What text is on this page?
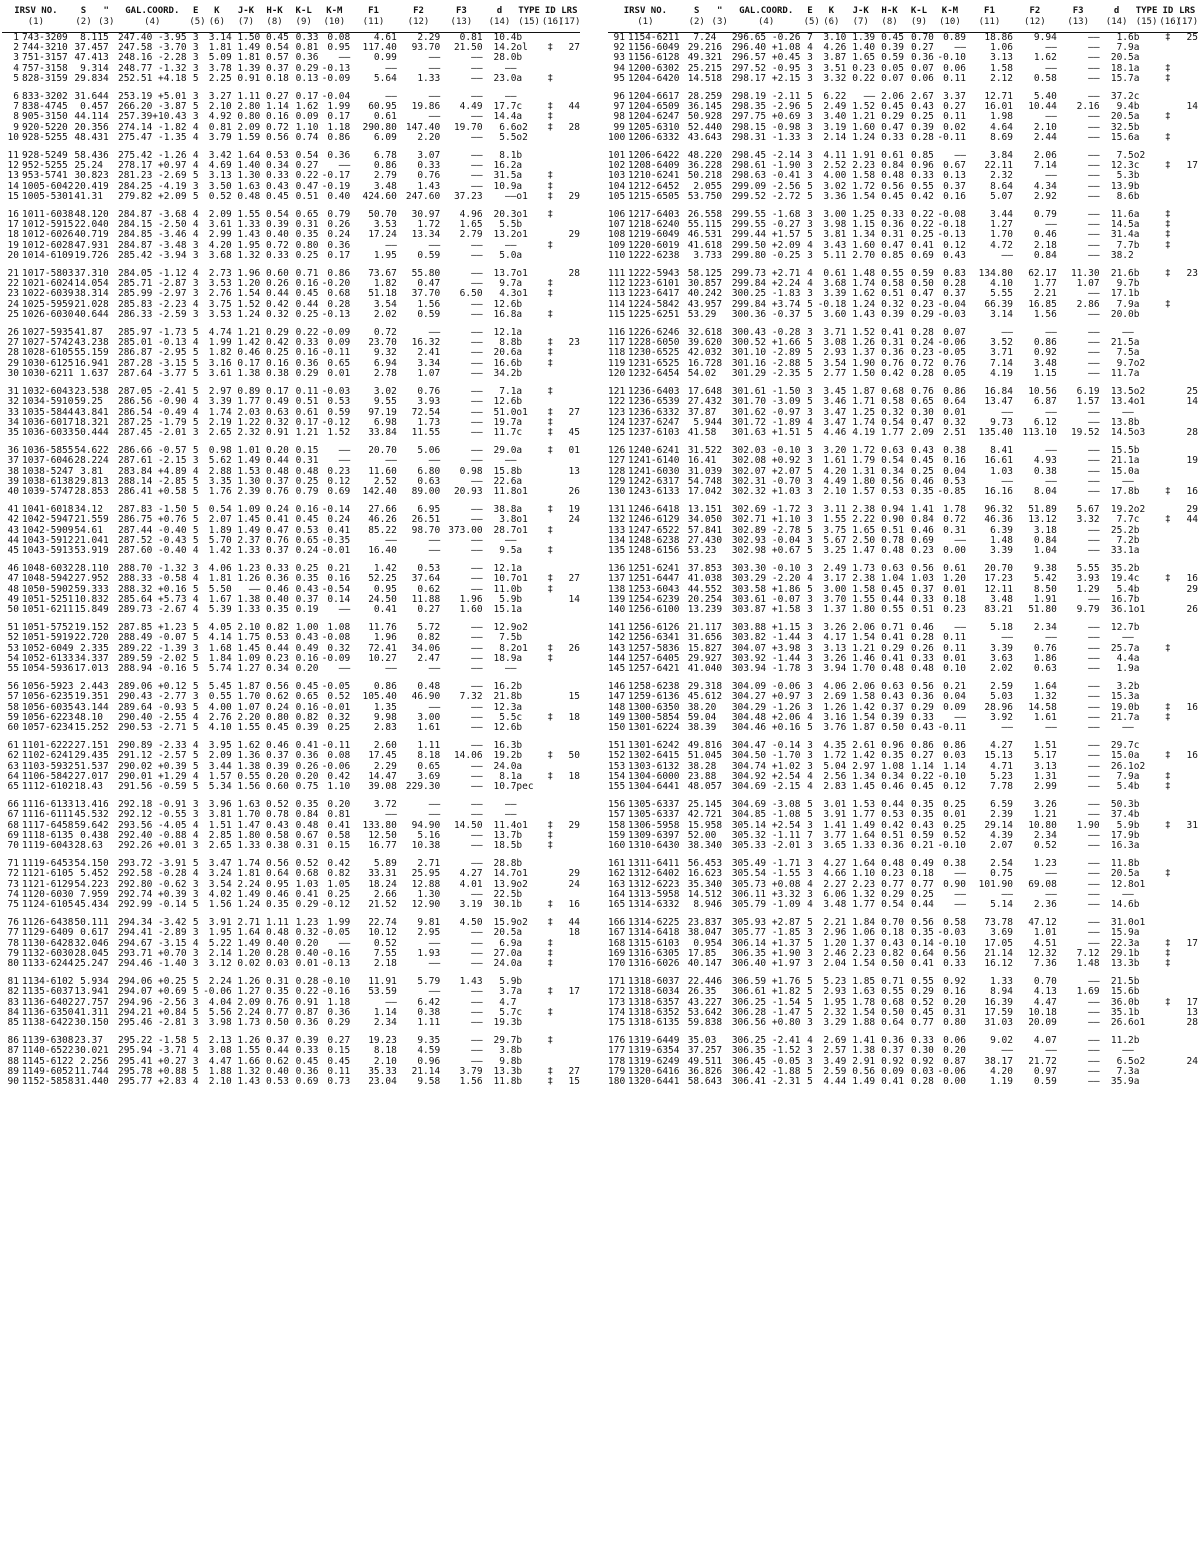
IRSV NO.	S	"	GAL.COORD.	E	K	J-K	H-K	K-L	K-M	F1	F2	F3	d	TYPE	ID	LRS
(1)	(2)	(3)	(4)	(5)	(6)	(7)	(8)	(9)	(10)	(11)	(12)	(13)	(14)	(15)	(16)	(17)
1 743-3209	8.1	15	247.40 -3.95	3	3.14	1.50	0.45	0.33	0.08	4.61	2.29	0.81	10.4	b		
2 744-3210	37.4	57	247.58 -3.70	3	1.81	1.49	0.54	0.81	0.95	117.40	93.70	21.50	14.2	ol	‡	27
3 751-3157	47.4	13	248.16 -2.28	3	5.09	1.81	0.57	0.36	——	0.99	——	——	28.0	b		
4 757-3158	9.3	14	248.77 -1.32	3	3.78	1.39	0.37	0.29	-0.13	——	——	——	——			
5 828-3159	29.8	34	252.51 +4.18	5	2.25	0.91	0.18	0.13	-0.09	5.64	1.33	——	23.0	a	‡	

6 833-3202	31.6	44	253.19 +5.01	3	3.27	1.11	0.27	0.17	-0.04	——	——	——	——			
7 838-4745	0.4	57	266.20 -3.87	5	2.10	2.80	1.14	1.62	1.99	60.95	19.86	4.49	17.7	c	‡	44
8 905-3150	44.1	14	257.39+10.43	3	4.92	0.80	0.16	0.09	0.17	0.61	——	——	14.4	a	‡	
9 920-5220	20.3	56	274.14 -1.82	4	0.81	2.09	0.72	1.10	1.18	290.80	147.40	19.70	6.6	o2	‡	28
10 928-5255	48.4	31	275.47 -1.35	4	3.79	1.59	0.56	0.74	0.86	6.09	2.20	——	5.5	o2		

11 928-5249	58.4	36	275.42 -1.26	4	3.42	1.64	0.53	0.54	0.36	6.78	3.07	——	8.1	b		
12 952-5255	25.2	4	278.17 +0.97	4	4.69	1.40	0.34	0.27	——	0.86	0.33	——	16.2	a		
13 953-5741	30.8	23	281.23 -2.69	5	3.13	1.30	0.33	0.22	-0.17	2.79	0.76	——	31.5	a	‡	
14 1005-6042	20.4	19	284.25 -4.19	3	3.50	1.63	0.43	0.47	-0.19	3.48	1.43	——	10.9	a	‡	
15 1005-5301	41.3	1	279.82 +2.09	5	0.52	0.48	0.45	0.51	0.40	424.60	247.60	37.23	——	o1	‡	29

16 1011-6038	48.1	20	284.87 -3.68	4	2.09	1.55	0.54	0.65	0.79	50.70	30.97	4.96	20.3	o1	‡	
17 1012-5915	22.0	40	284.15 -2.50	4	3.61	1.33	0.39	0.31	0.26	3.53	1.72	1.65	5.5	b		
18 1012-6026	40.7	19	284.85 -3.46	4	2.99	1.43	0.40	0.35	0.24	17.24	13.34	2.79	13.2	o1		29
19 1012-6028	47.9	31	284.87 -3.48	3	4.20	1.95	0.72	0.80	0.36	——	——	——	——		‡	
20 1014-6109	19.7	26	285.42 -3.94	3	3.68	1.32	0.33	0.25	0.17	1.95	0.59	——	5.0	a		

21 1017-5803	37.3	10	284.05 -1.12	4	2.73	1.96	0.60	0.71	0.86	73.67	55.80	——	13.7	o1		28
22 1021-6024	14.0	54	285.71 -2.87	3	3.53	1.20	0.26	0.16	-0.20	1.82	0.47	——	9.7	a	‡	
23 1022-6039	38.3	14	285.99 -2.97	3	2.76	1.54	0.44	0.45	0.68	51.18	37.70	6.50	4.3	o1	‡	
24 1025-5959	21.0	28	285.83 -2.23	4	3.75	1.52	0.42	0.44	0.28	3.54	1.56	——	12.6	b		
25 1026-6030	40.6	44	286.33 -2.59	3	3.53	1.24	0.32	0.25	-0.13	2.02	0.59	——	16.8	a	‡	

26 1027-5935	41.8	7	285.97 -1.73	5	4.74	1.21	0.29	0.22	-0.09	0.72	——	——	12.1	a		
27 1027-5742	43.2	38	285.01 -0.13	4	1.99	1.42	0.42	0.33	0.09	23.70	16.32	——	8.8	b	‡	23
28 1028-6105	55.1	59	286.87 -2.95	5	1.82	0.46	0.25	0.16	-0.11	9.32	2.41	——	20.6	a	‡	
29 1030-6125	16.9	41	287.28 -3.15	5	3.16	0.17	0.16	0.36	0.65	6.94	3.34	——	16.6	b	‡	
30 1030-6211	1.6	37	287.64 -3.77	5	3.61	1.38	0.38	0.29	0.01	2.78	1.07	——	34.2	b		

31 1032-6043	23.5	38	287.05 -2.41	5	2.97	0.89	0.17	0.11	-0.03	3.02	0.76	——	7.1	a	‡	
32 1034-5910	59.2	5	286.56 -0.90	4	3.39	1.77	0.49	0.51	0.53	9.55	3.93	——	12.6	b		
33 1035-5844	43.8	41	286.54 -0.49	4	1.74	2.03	0.63	0.61	0.59	97.19	72.54	——	51.0	o1	‡	27
34 1036-6017	18.3	21	287.25 -1.79	5	2.19	1.22	0.32	0.17	-0.12	6.98	1.73	——	19.7	a	‡	
35 1036-6033	50.4	44	287.45 -2.01	3	2.65	2.32	0.91	1.21	1.52	33.84	11.55	——	11.7	c	‡	45

36 1036-5855	54.6	22	286.66 -0.57	5	0.98	1.01	0.20	0.15	——	20.70	5.06	——	29.0	a	‡	01
37 1037-6046	28.2	24	287.61 -2.15	3	5.62	1.49	0.44	0.31	——	——	——	——	——			
38 1038-5247	3.8	1	283.84 +4.89	4	2.88	1.53	0.48	0.48	0.23	11.60	6.80	0.98	15.8	b		13
39 1038-6138	29.8	13	288.14 -2.85	5	3.35	1.30	0.37	0.25	0.12	2.52	0.63	——	22.6	a		
40 1039-5747	28.8	53	286.41 +0.58	5	1.76	2.39	0.76	0.79	0.69	142.40	89.00	20.93	11.8	o1		26

41 1041-6018	34.1	2	287.83 -1.50	5	0.54	1.09	0.24	0.16	-0.14	27.66	6.95	——	38.8	a	‡	19
42 1042-5947	21.5	59	286.75 +0.76	5	2.07	1.45	0.41	0.45	0.24	46.26	26.51	——	3.8	o1		24
43 1042-5909	54.6	1	287.44 -0.40	5	1.89	1.49	0.47	0.53	0.41	85.22	98.70	373.00	28.7	o1	‡	
44 1043-5912	21.0	41	287.52 -0.43	5	5.70	2.37	0.76	0.65	-0.35	——	——	——	——			
45 1043-5913	53.9	19	287.60 -0.40	4	1.42	1.33	0.37	0.24	-0.01	16.40	——	——	9.5	a	‡	

46 1048-6032	28.1	10	288.70 -1.32	3	4.06	1.23	0.33	0.25	0.21	1.42	0.53	——	12.1	a		
47 1048-5942	27.9	52	288.33 -0.58	4	1.81	1.26	0.36	0.35	0.16	52.25	37.64	——	10.7	o1	‡	27
48 1050-5902	59.3	33	288.32 +0.16	5	5.50	——	0.46	0.43	-0.54	0.95	0.62	——	11.0	b	‡	
49 1051-5251	10.8	32	285.64 +5.73	4	1.67	1.38	0.40	0.37	0.14	24.50	11.88	1.96	5.9	b		14
50 1051-6211	15.8	49	289.73 -2.67	4	5.39	1.33	0.35	0.19	——	0.41	0.27	1.60	15.1	a		

51 1051-5752	19.1	52	287.85 +1.23	5	4.05	2.10	0.82	1.00	1.08	11.76	5.72	——	12.9	o2		
52 1051-5919	22.7	20	288.49 -0.07	5	4.14	1.75	0.53	0.43	-0.08	1.96	0.82	——	7.5	b		
53 1052-6049	2.3	35	289.22 -1.39	3	1.68	1.45	0.44	0.49	0.32	72.41	34.06	——	8.2	o1	‡	26
54 1052-6133	34.3	37	289.59 -2.02	5	1.84	1.09	0.23	0.16	-0.09	10.27	2.47	——	18.9	a	‡	
55 1054-5936	17.0	13	288.94 -0.16	5	5.74	1.27	0.34	0.20	——	——	——	——	——			

56 1056-5923	2.4	43	289.06 +0.12	5	5.45	1.87	0.56	0.45	-0.05	0.86	0.48	——	16.2	b		
57 1056-6235	19.3	51	290.43 -2.77	3	0.55	1.70	0.62	0.65	0.52	105.40	46.90	7.32	21.8	b		15
58 1056-6035	43.1	44	289.64 -0.93	5	4.00	1.07	0.24	0.16	-0.01	1.35	——	——	12.3	a		
59 1056-6223	48.1	0	290.40 -2.55	4	2.76	2.20	0.80	0.82	0.32	9.98	3.00	——	5.5	c	‡	18
60 1057-6234	15.2	52	290.53 -2.71	5	4.10	1.55	0.45	0.39	0.25	2.83	1.61	——	12.6	b		

61 1101-6222	27.1	51	290.89 -2.33	4	3.95	1.62	0.46	0.41	-0.11	2.60	1.11	——	16.3	b		
62 1102-6241	29.4	35	291.12 -2.57	5	2.09	1.36	0.37	0.36	0.08	17.45	8.18	14.06	19.2	b	‡	50
63 1103-5932	51.5	37	290.02 +0.39	5	3.44	1.38	0.39	0.26	-0.06	2.29	0.65	——	24.0	a		
64 1106-5842	27.0	17	290.01 +1.29	4	1.57	0.55	0.20	0.20	0.42	14.47	3.69	——	8.1	a	‡	18
65 1112-6102	18.4	3	291.56 -0.59	5	5.34	1.56	0.60	0.75	1.10	39.08	229.30	——	10.7	pec		

66 1116-6133	13.4	16	292.18 -0.91	3	3.96	1.63	0.52	0.35	0.20	3.72	——	——	——			
67 1116-6111	45.5	32	292.12 -0.55	3	3.81	1.70	0.78	0.84	0.81	——	——	——	——			
68 1117-6458	59.6	42	293.56 -4.05	4	1.51	1.47	0.43	0.48	0.41	133.80	94.90	14.50	11.4	o1	‡	29
69 1118-6135	0.4	38	292.40 -0.88	4	2.85	1.80	0.58	0.67	0.58	12.50	5.16	——	13.7	b	‡	
70 1119-6043	28.6	3	292.26 +0.01	3	2.65	1.33	0.38	0.31	0.15	16.77	10.38	——	18.5	b	‡	

71 1119-6453	54.1	50	293.72 -3.91	5	3.47	1.74	0.56	0.52	0.42	5.89	2.71	——	28.8	b		
72 1121-6105	5.4	52	292.58 -0.28	4	3.24	1.81	0.64	0.68	0.82	33.31	25.95	4.27	14.7	o1		29
73 1121-6129	54.2	23	292.80 -0.62	3	3.54	2.24	0.95	1.03	1.05	18.24	12.88	4.01	13.9	o2		24
74 1120-6030	7.9	59	292.74 +0.39	3	4.02	1.49	0.46	0.41	0.25	2.66	1.30	——	22.5	b		
75 1124-6105	45.4	34	292.99 -0.14	5	1.56	1.24	0.35	0.29	-0.12	21.52	12.90	3.19	30.1	b	‡	16

76 1126-6438	50.1	11	294.34 -3.42	5	3.91	2.71	1.11	1.23	1.99	22.74	9.81	4.50	15.9	o2	‡	44
77 1129-6409	0.6	17	294.41 -2.89	3	1.95	1.64	0.48	0.32	-0.05	10.12	2.95	——	20.5	a		18
78 1130-6428	32.0	46	294.67 -3.15	4	5.22	1.49	0.40	0.20	——	0.52	——	——	6.9	a	‡	
79 1132-6030	28.0	45	293.71 +0.70	3	2.14	1.20	0.28	0.40	-0.16	7.55	1.93	——	27.0	a	‡	
80 1133-6244	25.2	47	294.46 -1.40	3	3.12	0.02	0.03	0.01	-0.13	2.18	——	——	24.0	a	‡	

81 1134-6102	5.9	34	294.06 +0.25	5	2.24	1.26	0.31	0.28	-0.10	11.91	5.79	1.43	5.9	b		
82 1135-6037	13.9	41	294.07 +0.69	5	-0.06	1.27	0.35	0.22	-0.16	53.59	——	——	3.7	a	‡	17
83 1136-6402	27.7	57	294.96 -2.56	3	4.04	2.09	0.76	0.91	1.18	——	6.42	——	4.7			
84 1136-6350	41.3	11	294.21 +0.84	5	5.56	2.24	0.77	0.87	0.36	1.14	0.38	——	5.7	c	‡	
85 1138-6422	30.1	50	295.46 -2.81	3	3.98	1.73	0.50	0.36	0.29	2.34	1.11	——	19.3	b		

86 1139-6308	23.3	7	295.22 -1.58	5	2.13	1.26	0.37	0.39	0.27	19.23	9.35	——	29.7	b	‡	
87 1140-6522	30.0	21	295.94 -3.71	4	3.08	1.55	0.44	0.33	0.15	8.18	4.59	——	3.8	b		
88 1145-6122	2.2	56	295.41 +0.27	3	4.47	1.66	0.62	0.45	0.45	2.10	0.96	——	9.8	b		
89 1149-6052	11.7	44	295.78 +0.88	5	1.88	1.32	0.40	0.36	0.11	35.33	21.14	3.79	13.3	b	‡	27
90 1152-5858	31.4	40	295.77 +2.83	4	2.10	1.43	0.53	0.69	0.73	23.04	9.58	1.56	11.8	b	‡	15
IRSV NO.	S	"	GAL.COORD.	E	K	J-K	H-K	K-L	K-M	F1	F2	F3	d	TYPE	ID	LRS
(1)	(2)	(3)	(4)	(5)	(6)	(7)	(8)	(9)	(10)	(11)	(12)	(13)	(14)	(15)	(16)	(17)
91 1154-6211	7.2	4	296.65 -0.26	7	3.10	1.39	0.45	0.70	0.89	18.86	9.94	——	1.6	b	‡	25
92 1156-6049	29.2	16	296.40 +1.08	4	4.26	1.40	0.39	0.27	——	1.06	——	——	7.9	a		
93 1156-6128	49.3	21	296.57 +0.45	3	3.87	1.65	0.59	0.36	-0.10	3.13	1.62	——	20.5	a		
94 1200-6302	25.2	15	297.52 -0.95	3	3.51	0.23	0.05	0.07	0.06	1.58	——	——	18.1	a	‡	
95 1204-6420	14.5	18	298.17 +2.15	3	3.32	0.22	0.07	0.06	0.11	2.12	0.58	——	15.7	a	‡	

96 1204-6617	28.2	59	298.19 -2.11	5	6.22	——	2.06	2.67	3.37	12.71	5.40	——	37.2	c		
97 1204-6509	36.1	45	298.35 -2.96	5	2.49	1.52	0.45	0.43	0.27	16.01	10.44	2.16	9.4	b		14
98 1204-6247	50.9	28	297.75 +0.69	3	3.40	1.21	0.29	0.25	0.11	1.98	——	——	20.5	a	‡	
99 1205-6310	52.4	40	298.15 -0.98	3	3.19	1.60	0.47	0.39	0.02	4.64	2.10	——	32.5	b		
100 1206-6332	43.6	43	298.31 -1.33	3	2.14	1.24	0.33	0.28	-0.11	8.69	2.44	——	15.6	a	‡	

101 1206-6422	48.2	20	298.45 -2.14	3	4.11	1.91	0.61	0.85	——	3.84	2.06	——	7.5	o2		
102 1208-6409	36.2	28	298.61 -1.90	3	2.52	2.23	0.84	0.96	0.67	22.11	7.14	——	12.3	c	‡	17
103 1210-6241	50.2	18	298.63 -0.41	3	4.00	1.58	0.48	0.33	0.13	2.32	——	——	5.3	b		
104 1212-6452	2.0	55	299.09 -2.56	5	3.02	1.72	0.56	0.55	0.37	8.64	4.34	——	13.9	b		
105 1215-6505	53.7	50	299.52 -2.72	5	3.36	1.54	0.45	0.42	0.16	5.07	2.92	——	8.6	b		

106 1217-6403	26.5	58	299.55 -1.68	3	3.00	1.25	0.33	0.22	-0.08	3.44	0.79	——	11.6	a	‡	
107 1218-6240	55.1	15	299.55 -0.27	3	3.98	1.15	0.36	0.22	-0.18	1.27	——	——	14.5	a	‡	
108 1219-6049	46.5	31	299.44 +1.57	5	3.81	1.34	0.31	0.25	-0.13	1.70	0.46	——	31.4	a	‡	
109 1220-6019	41.6	18	299.50 +2.09	4	3.43	1.60	0.47	0.41	0.12	4.72	2.18	——	7.7	b	‡	
110 1222-6238	3.7	33	299.80 -0.25	3	5.11	2.70	0.85	0.69	0.43	——	0.84	——	38.2			

111 1222-5943	58.1	25	299.73 +2.71	4	0.61	1.48	0.55	0.59	0.83	134.80	62.17	11.30	21.6	b	‡	23
112 1223-6101	30.8	57	299.84 +2.24	4	3.68	1.74	0.58	0.50	0.28	4.10	1.77	1.07	9.7	b		
113 1223-6417	40.2	42	300.25 -1.83	3	3.39	1.62	0.51	0.47	0.37	5.55	2.21	——	17.1	b		
114 1224-5842	43.9	57	299.84 +3.74	5	-0.18	1.24	0.32	0.23	-0.04	66.39	16.85	2.86	7.9	a	‡	
115 1225-6251	53.2	9	300.36 -0.37	5	3.60	1.43	0.39	0.29	-0.03	3.14	1.56	——	20.0	b		

116 1226-6246	32.6	18	300.43 -0.28	3	3.71	1.52	0.41	0.28	0.07	——	——	——	——			
117 1228-6050	39.6	20	300.52 +1.66	5	3.08	1.26	0.31	0.24	-0.06	3.52	0.86	——	21.5	a		
118 1230-6525	42.0	32	301.10 -2.89	5	2.93	1.37	0.36	0.23	-0.05	3.71	0.92	——	7.5	a		
119 1231-6525	16.7	28	301.16 -2.88	5	3.54	1.90	0.76	0.72	0.76	7.14	3.48	——	9.7	o2		
120 1232-6454	54.0	2	301.29 -2.35	5	2.77	1.50	0.42	0.28	0.05	4.19	1.15	——	11.7	a		

121 1236-6403	17.6	48	301.61 -1.50	3	3.45	1.87	0.68	0.76	0.86	16.84	10.56	6.19	13.5	o2		25
122 1236-6539	27.4	32	301.70 -3.09	5	3.46	1.71	0.58	0.65	0.64	13.47	6.87	1.57	13.4	o1		14
123 1236-6332	37.8	7	301.62 -0.97	3	3.47	1.25	0.32	0.30	0.01	——	——	——	——			
124 1237-6247	5.9	44	301.72 -1.89	4	3.47	1.74	0.54	0.47	0.32	9.73	6.12	——	13.8	b		
125 1237-6103	41.5	8	301.63 +1.51	5	4.46	4.19	1.77	2.09	2.51	135.40	113.10	19.52	14.5	o3		28

126 1240-6241	31.5	22	302.03 -0.10	3	3.20	1.72	0.63	0.43	0.38	8.41	——	——	15.5	b		
127 1241-6140	16.4	1	302.08 +0.92	3	1.61	1.79	0.54	0.45	0.16	16.61	4.93	——	21.1	a		19
128 1241-6030	31.0	39	302.07 +2.07	5	4.20	1.31	0.34	0.25	0.04	1.03	0.38	——	15.0	a		
129 1242-6317	54.7	48	302.31 -0.70	3	4.49	1.80	0.56	0.46	0.53	——	——	——	——			
130 1243-6133	17.0	42	302.32 +1.03	3	2.10	1.57	0.53	0.35	-0.85	16.16	8.04	——	17.8	b	‡	16

131 1246-6418	13.1	51	302.69 -1.72	3	3.11	2.38	0.94	1.41	1.78	96.32	51.89	5.67	19.2	o2		29
132 1246-6129	34.0	50	302.71 +1.10	3	1.55	2.22	0.90	0.84	0.72	46.36	13.12	3.32	7.7	c	‡	44
133 1247-6522	57.8	41	302.89 -2.78	5	3.75	1.65	0.51	0.46	0.31	6.39	3.18	——	25.2	b		
134 1248-6238	27.4	30	302.93 -0.04	3	5.67	2.50	0.78	0.69	——	1.48	0.84	——	7.2	b		
135 1248-6156	53.2	3	302.98 +0.67	5	3.25	1.47	0.48	0.23	0.00	3.39	1.04	——	33.1	a		

136 1251-6241	37.8	53	303.30 -0.10	3	2.49	1.73	0.63	0.56	0.61	20.70	9.38	5.55	35.2	b		
137 1251-6447	41.0	38	303.29 -2.20	4	3.17	2.38	1.04	1.03	1.20	17.23	5.42	3.93	19.4	c	‡	16
138 1253-6043	44.5	52	303.58 +1.86	5	3.00	1.58	0.45	0.37	0.01	12.11	8.50	1.29	5.4	b		29
139 1254-6239	20.2	54	303.61 -0.07	3	3.70	1.55	0.44	0.33	0.18	3.48	1.91	——	16.7	b		
140 1256-6100	13.2	39	303.87 +1.58	3	1.37	1.80	0.55	0.51	0.23	83.21	51.80	9.79	36.1	o1		26

141 1256-6126	21.1	17	303.88 +1.15	3	3.26	2.06	0.71	0.46	——	5.18	2.34	——	12.7	b		
142 1256-6341	31.6	56	303.82 -1.44	3	4.17	1.54	0.41	0.28	0.11	——	——	——	——			
143 1257-5836	15.8	27	304.07 +3.98	3	3.13	1.21	0.29	0.26	0.11	3.39	0.76	——	25.7	a	‡	
144 1257-6405	29.9	27	303.92 -1.44	3	3.26	1.46	0.41	0.33	0.01	3.63	1.86	——	4.4	a		
145 1257-6421	41.0	40	303.94 -1.78	3	3.94	1.70	0.48	0.48	0.10	2.02	0.63	——	1.9	a		

146 1258-6238	29.3	18	304.09 -0.06	3	4.06	2.06	0.63	0.56	0.21	2.59	1.64	——	3.2	b		
147 1259-6136	45.6	12	304.27 +0.97	3	2.69	1.58	0.43	0.36	0.04	5.03	1.32	——	15.3	a		
148 1300-6350	38.2	0	304.29 -1.26	3	1.26	1.42	0.37	0.29	0.09	28.96	14.58	——	19.0	b	‡	16
149 1300-5854	59.0	4	304.48 +2.06	4	3.16	1.54	0.39	0.33	——	3.92	1.61	——	21.7	a	‡	
150 1301-6224	38.3	9	304.46 +0.16	5	3.76	1.87	0.50	0.43	-0.11	——	——	——	——			

151 1301-6242	49.8	16	304.47 -0.14	3	4.35	2.61	0.96	0.86	0.86	4.27	1.51	——	29.7	c		
152 1302-6415	51.0	45	304.50 -1.70	3	1.72	1.42	0.35	0.27	0.03	15.13	5.17	——	15.0	a	‡	16
153 1303-6132	38.2	8	304.74 +1.02	3	5.04	2.97	1.08	1.14	1.14	4.71	3.13	——	26.1	o2		
154 1304-6000	23.8	8	304.92 +2.54	4	2.56	1.34	0.34	0.22	-0.10	5.23	1.31	——	7.9	a	‡	
155 1304-6441	48.0	57	304.69 -2.15	4	2.83	1.45	0.46	0.45	0.12	7.78	2.99	——	5.4	b	‡	

156 1305-6337	25.1	45	304.69 -3.08	5	3.01	1.53	0.44	0.35	0.25	6.59	3.26	——	50.3	b		
157 1305-6337	42.7	21	304.85 -1.08	5	3.91	1.77	0.53	0.35	0.01	2.39	1.21	——	37.4	b		
158 1306-5958	15.9	58	305.14 +2.54	3	1.41	1.49	0.42	0.43	0.25	29.14	10.80	1.90	5.9	b	‡	31
159 1309-6397	52.0	0	305.32 -1.11	7	3.77	1.64	0.51	0.59	0.52	4.39	2.34	——	17.9	b		
160 1310-6430	38.3	40	305.33 -2.01	3	3.65	1.33	0.36	0.21	-0.10	2.07	0.52	——	16.3	a		

161 1311-6411	56.4	53	305.49 -1.71	3	4.27	1.64	0.48	0.49	0.38	2.54	1.23	——	11.8	b		
162 1312-6402	16.6	23	305.54 -1.55	3	4.66	1.10	0.23	0.18	——	0.75	——	——	20.5	a	‡	
163 1312-6223	35.3	40	305.73 +0.08	4	2.27	2.23	0.77	0.77	0.90	101.90	69.08	——	12.8	o1		
164 1313-5958	14.5	12	306.11 +3.32	3	6.06	1.32	0.29	0.25	——	——	——	——	——			
165 1314-6332	8.9	46	305.79 -1.09	4	3.48	1.77	0.54	0.44	——	5.14	2.36	——	14.6	b		

166 1314-6225	23.8	37	305.93 +2.87	5	2.21	1.84	0.70	0.56	0.58	73.78	47.12	——	31.0	o1		
167 1314-6418	38.0	47	305.77 -1.85	3	2.96	1.06	0.18	0.35	-0.03	3.69	1.01	——	15.9	a		
168 1315-6103	0.9	54	306.14 +1.37	5	1.20	1.37	0.43	0.14	-0.10	17.05	4.51	——	22.3	a	‡	17
169 1316-6305	17.8	5	306.35 +1.90	3	2.46	2.23	0.82	0.64	0.56	21.14	12.32	7.12	29.1	b	‡	
170 1316-6026	40.1	47	306.40 +1.97	3	2.04	1.54	0.50	0.41	0.33	16.12	7.36	1.48	13.3	b	‡	

171 1318-6037	22.4	46	306.59 +1.76	5	5.23	1.85	0.71	0.55	0.92	1.33	0.70	——	21.5	b		
172 1318-6034	26.3	5	306.61 +1.82	5	2.93	1.63	0.55	0.29	0.16	8.94	4.13	1.69	15.6	b		
173 1318-6357	43.2	27	306.25 -1.54	5	1.95	1.78	0.68	0.52	0.20	16.39	4.47	——	36.0	b	‡	17
174 1318-6352	53.6	42	306.28 -1.47	5	2.32	1.54	0.50	0.45	0.31	17.59	10.18	——	35.1	b		13
175 1318-6135	59.8	38	306.56 +0.80	3	3.29	1.88	0.64	0.77	0.80	31.03	20.09	——	26.6	o1		28

176 1319-6449	35.0	3	306.25 -2.41	4	2.69	1.41	0.36	0.33	0.06	9.02	4.07	——	11.2	b		
177 1319-6354	37.2	57	306.35 -1.52	3	2.57	1.38	0.37	0.30	0.20	——	——	——	——			
178 1319-6249	49.5	11	306.45 -0.05	3	3.49	2.91	0.92	0.92	0.87	38.17	21.72	——	6.5	o2		24
179 1320-6416	36.8	26	306.42 -1.88	5	2.59	0.56	0.09	0.03	-0.06	4.20	0.97	——	7.3	a		
180 1320-6441	58.6	43	306.41 -2.31	5	4.44	1.49	0.41	0.28	0.00	1.19	0.59	——	35.9	a		
